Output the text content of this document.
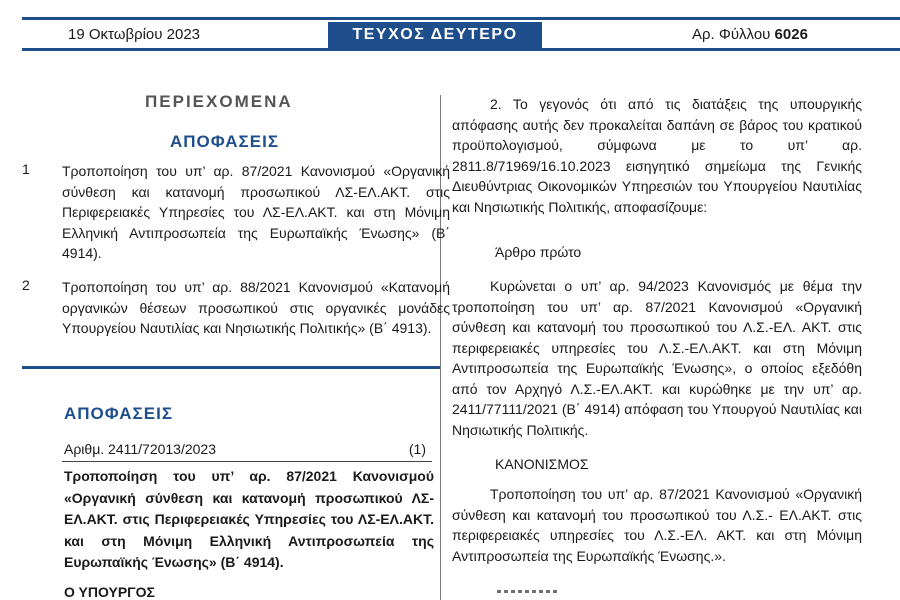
19 Οκτωβρίου 2023	ΤΕΥΧΟΣ ΔΕΥΤΕΡΟ	Αρ. Φύλλου 6026
ΠΕΡΙΕΧΟΜΕΝΑ
ΑΠΟΦΑΣΕΙΣ
1 Τροποποίηση του υπ’ αρ. 87/2021 Κανονισμού «Οργανική σύνθεση και κατανομή προσωπικού ΛΣ-ΕΛ.ΑΚΤ. στις Περιφερειακές Υπηρεσίες του ΛΣ-ΕΛ.ΑΚΤ. και στη Μόνιμη Ελληνική Αντιπροσωπεία της Ευρωπαϊκής Ένωσης» (Β΄ 4914).
2 Τροποποίηση του υπ’ αρ. 88/2021 Κανονισμού «Κατανομή οργανικών θέσεων προσωπικού στις οργανικές μονάδες Υπουργείου Ναυτιλίας και Νησιωτικής Πολιτικής» (Β΄ 4913).
ΑΠΟΦΑΣΕΙΣ
Αριθμ. 2411/72013/2023	(1)
Τροποποίηση του υπ’ αρ. 87/2021 Κανονισμού «Οργανική σύνθεση και κατανομή προσωπικού ΛΣ-ΕΛ.ΑΚΤ. στις Περιφερειακές Υπηρεσίες του ΛΣ-ΕΛ.ΑΚΤ. και στη Μόνιμη Ελληνική Αντιπροσωπεία της Ευρωπαϊκής Ένωσης» (Β΄ 4914).
Ο ΥΠΟΥΡΓΟΣ
2. Το γεγονός ότι από τις διατάξεις της υπουργικής απόφασης αυτής δεν προκαλείται δαπάνη σε βάρος του κρατικού προϋπολογισμού, σύμφωνα με το υπ’ αρ. 2811.8/71969/16.10.2023 εισηγητικό σημείωμα της Γενικής Διευθύντριας Οικονομικών Υπηρεσιών του Υπουργείου Ναυτιλίας και Νησιωτικής Πολιτικής, αποφασίζουμε:
Άρθρο πρώτο
Κυρώνεται ο υπ’ αρ. 94/2023 Κανονισμός με θέμα την τροποποίηση του υπ’ αρ. 87/2021 Κανονισμού «Οργανική σύνθεση και κατανομή του προσωπικού του Λ.Σ.-ΕΛ. ΑΚΤ. στις περιφερειακές υπηρεσίες του Λ.Σ.-ΕΛ.ΑΚΤ. και στη Μόνιμη Αντιπροσωπεία της Ευρωπαϊκής Ένωσης», ο οποίος εξεδόθη από τον Αρχηγό Λ.Σ.-ΕΛ.ΑΚΤ. και κυρώθηκε με την υπ’ αρ. 2411/77111/2021 (Β΄ 4914) απόφαση του Υπουργού Ναυτιλίας και Νησιωτικής Πολιτικής.
ΚΑΝΟΝΙΣΜΟΣ
Τροποποίηση του υπ’ αρ. 87/2021 Κανονισμού «Οργανική σύνθεση και κατανομή του προσωπικού του Λ.Σ.- ΕΛ.ΑΚΤ. στις περιφερειακές υπηρεσίες του Λ.Σ.-ΕΛ. ΑΚΤ. και στη Μόνιμη Αντιπροσωπεία της Ευρωπαϊκής Ένωσης.».
